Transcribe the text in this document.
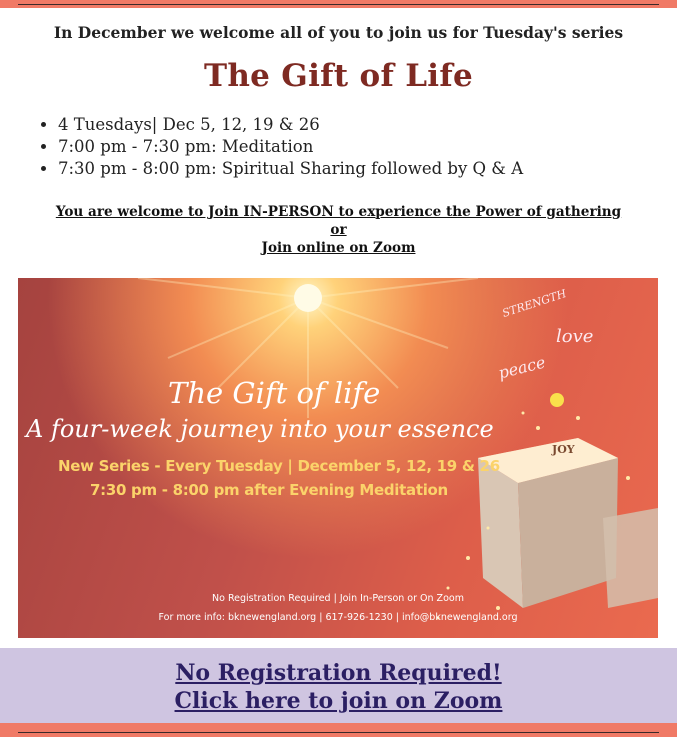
In December we welcome all of you to join us for Tuesday's series
The Gift of Life
• 4 Tuesdays| Dec 5, 12, 19 & 26
• 7:00 pm - 7:30 pm: Meditation
• 7:30 pm - 8:00 pm: Spiritual Sharing followed by Q & A
You are welcome to Join IN-PERSON to experience the Power of gathering
or
Join online on Zoom
STRENGTH
love
peace
JOY
The Gift of life
A four-week journey into your essence
New Series - Every Tuesday | December 5, 12, 19 & 26
7:30 pm - 8:00 pm after Evening Meditation
No Registration Required | Join In-Person or On Zoom
For more info: bknewengland.org | 617-926-1230 | info@bknewengland.org
No Registration Required!
Click here to join on Zoom
